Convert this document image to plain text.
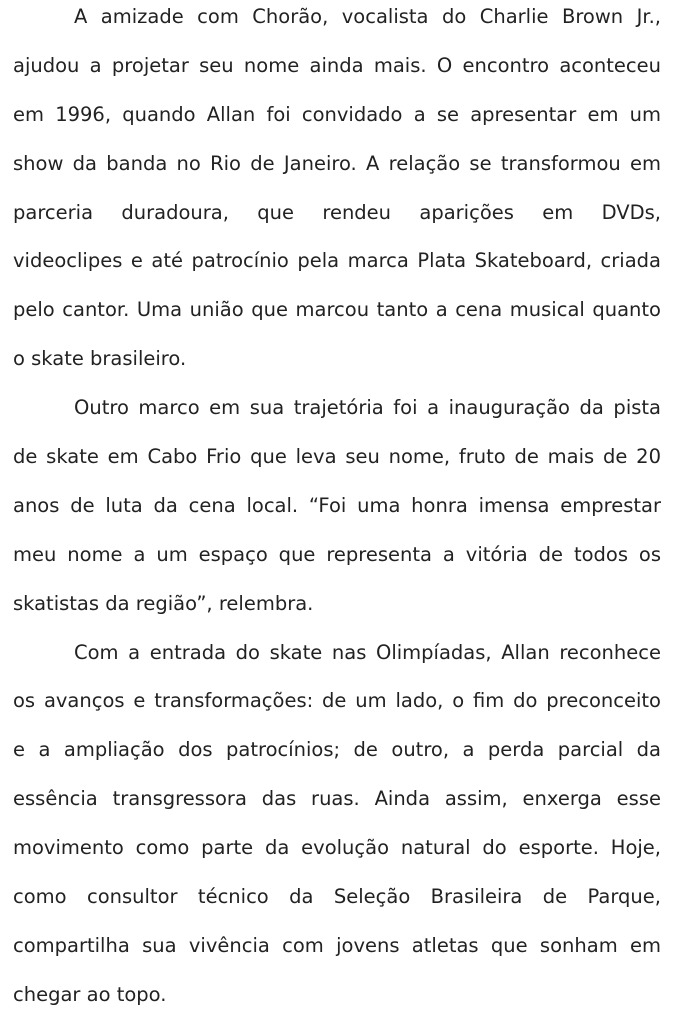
A amizade com Chorão, vocalista do Charlie Brown Jr.,
ajudou a projetar seu nome ainda mais. O encontro aconteceu
em 1996, quando Allan foi convidado a se apresentar em um
show da banda no Rio de Janeiro. A relação se transformou em
parceria duradoura, que rendeu aparições em DVDs,
videoclipes e até patrocínio pela marca Plata Skateboard, criada
pelo cantor. Uma união que marcou tanto a cena musical quanto
o skate brasileiro.

Outro marco em sua trajetória foi a inauguração da pista
de skate em Cabo Frio que leva seu nome, fruto de mais de 20
anos de luta da cena local. “Foi uma honra imensa emprestar
meu nome a um espaço que representa a vitória de todos os
skatistas da região”, relembra.

Com a entrada do skate nas Olimpíadas, Allan reconhece
os avanços e transformações: de um lado, o fim do preconceito
e a ampliação dos patrocínios; de outro, a perda parcial da
essência transgressora das ruas. Ainda assim, enxerga esse
movimento como parte da evolução natural do esporte. Hoje,
como consultor técnico da Seleção Brasileira de Parque,
compartilha sua vivência com jovens atletas que sonham em
chegar ao topo.
